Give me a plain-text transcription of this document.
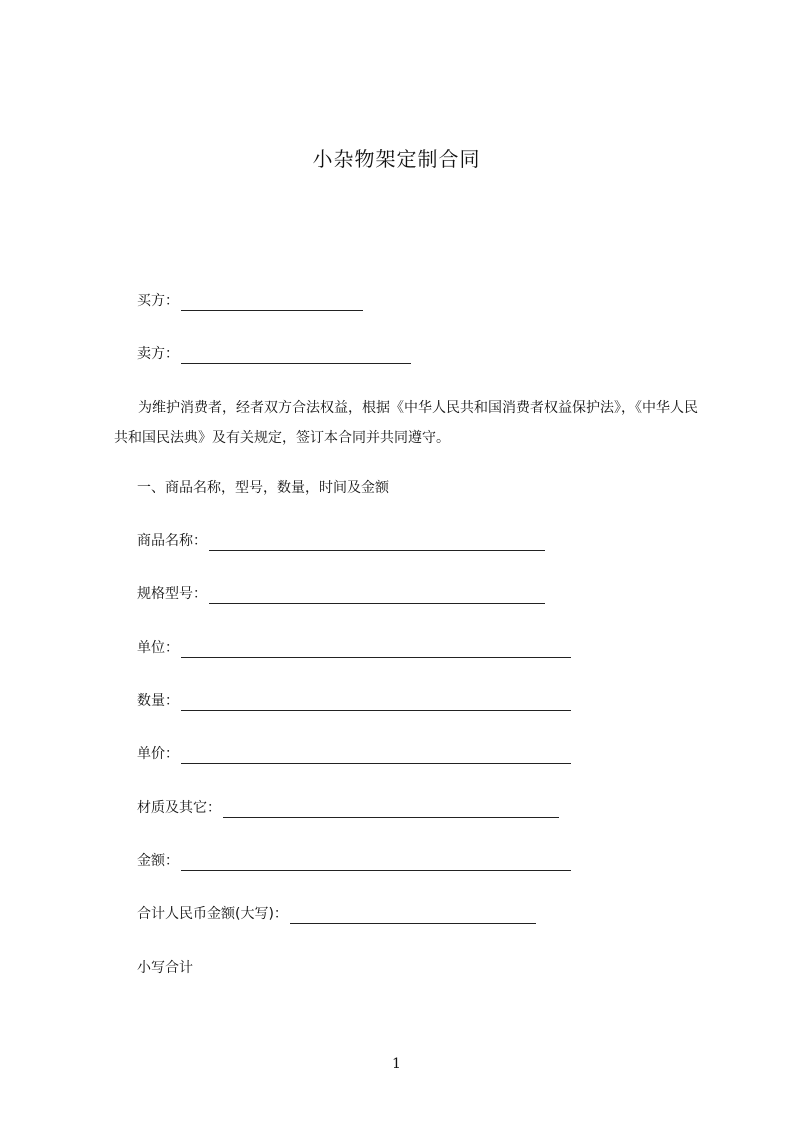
小杂物架定制合同
买方：
卖方：
为维护消费者，经者双方合法权益，根据《中华人民共和国消费者权益保护法》，《中华人民共和国民法典》及有关规定，签订本合同并共同遵守。
一、商品名称，型号，数量，时间及金额
商品名称：
规格型号：
单位：
数量：
单价：
材质及其它：
金额：
合计人民币金额(大写)：
小写合计
1
